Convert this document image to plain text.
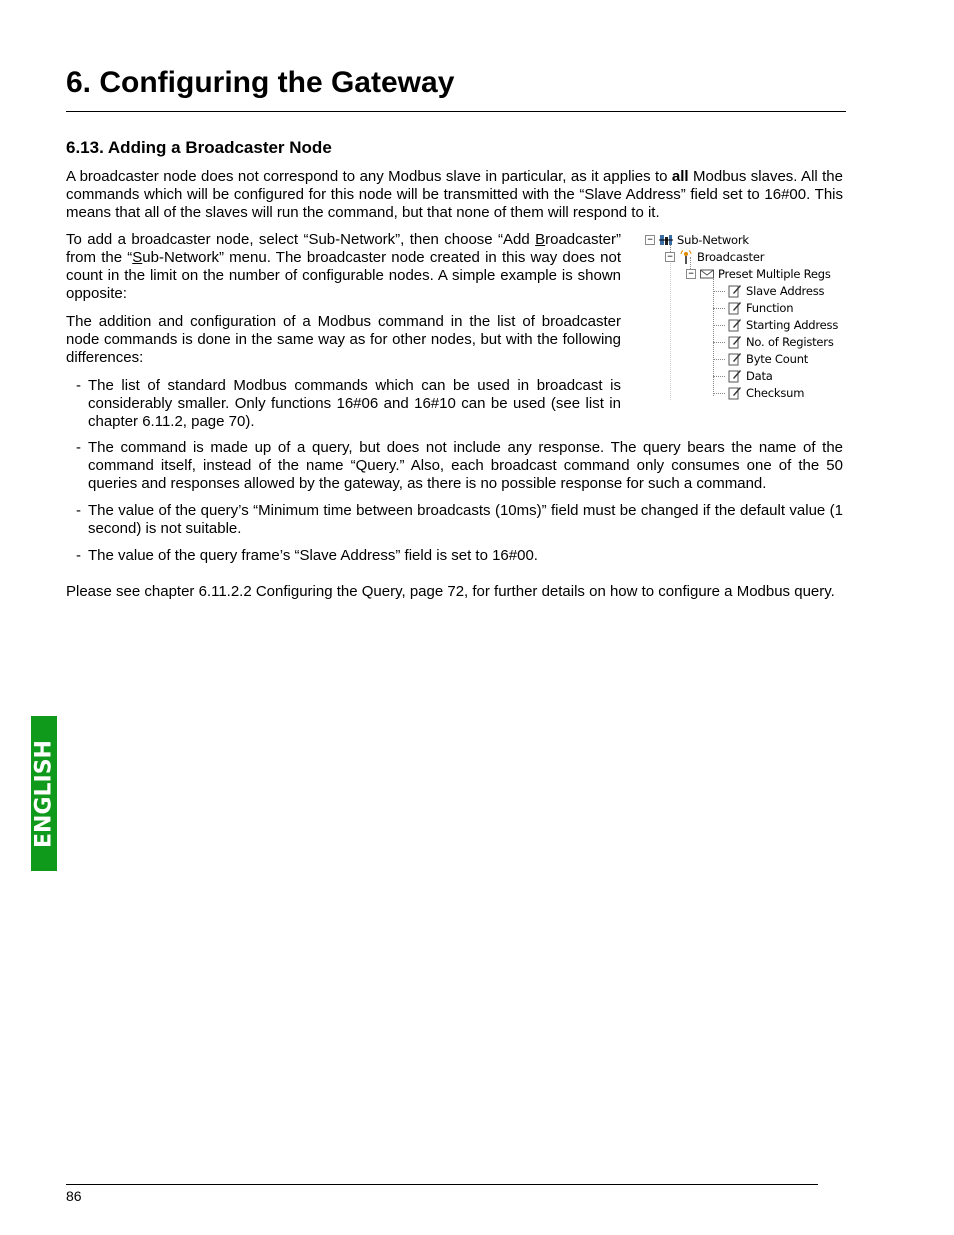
6. Configuring the Gateway
6.13. Adding a Broadcaster Node

A broadcaster node does not correspond to any Modbus slave in particular, as it applies to all Modbus slaves. All the commands which will be configured for this node will be transmitted with the “Slave Address” field set to 16#00. This means that all of the slaves will run the command, but that none of them will respond to it.

To add a broadcaster node, select “Sub-Network”, then choose “Add Broadcaster” from the “Sub-Network” menu. The broadcaster node created in this way does not count in the limit on the number of configurable nodes. A simple example is shown opposite:

The addition and configuration of a Modbus command in the list of broadcaster node commands is done in the same way as for other nodes, but with the following differences:

- The list of standard Modbus commands which can be used in broadcast is considerably smaller. Only functions 16#06 and 16#10 can be used (see list in chapter 6.11.2, page 70).
- The command is made up of a query, but does not include any response. The query bears the name of the command itself, instead of the name “Query.” Also, each broadcast command only consumes one of the 50 queries and responses allowed by the gateway, as there is no possible response for such a command.
- The value of the query’s “Minimum time between broadcasts (10ms)” field must be changed if the default value (1 second) is not suitable.
- The value of the query frame’s “Slave Address” field is set to 16#00.

Please see chapter 6.11.2.2 Configuring the Query, page 72, for further details on how to configure a Modbus query.

− Sub-Network
− Broadcaster
− Preset Multiple Regs
Slave Address
Function
Starting Address
No. of Registers
Byte Count
Data
Checksum
ENGLISH
86
